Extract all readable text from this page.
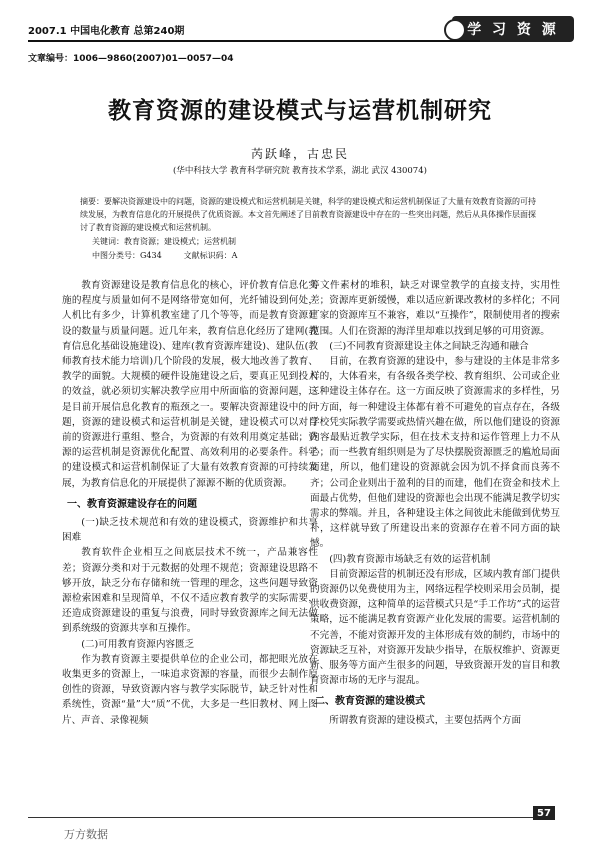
2007.1 中国电化教育 总第240期	学 习 资 源
文章编号：1006—9860(2007)01—0057—04
教育资源的建设模式与运营机制研究
芮跃峰，古忠民
(华中科技大学 教育科学研究院 教育技术学系，湖北 武汉 430074)
摘要：要解决资源建设中的问题，资源的建设模式和运营机制是关键，科学的建设模式和运营机制保证了大量有效教育资源的可持续发展，为教育信息化的开展提供了优质资源。本文首先阐述了目前教育资源建设中存在的一些突出问题，然后从具体操作层面探讨了教育资源的建设模式和运营机制。
关键词：教育资源；建设模式；运营机制
中图分类号：G434	文献标识码：A

教育资源建设是教育信息化的核心，评价教育信息化实施的程度与质量如何不是网络带宽如何，光纤铺设到何处，人机比有多少，计算机教室建了几个等等，而是教育资源建设的数量与质量问题。近几年来，教育信息化经历了建网(教育信息化基础设施建设)、建库(教育资源库建设)、建队伍(教师教育技术能力培训)几个阶段的发展，极大地改善了教育、教学的面貌。大规模的硬件设施建设之后，要真正见到投入的效益，就必须切实解决教学应用中所面临的资源问题，这是目前开展信息化教育的瓶颈之一。要解决资源建设中的问题，资源的建设模式和运营机制是关键，建设模式可以对目前的资源进行重组、整合，为资源的有效利用奠定基础；资源的运营机制是资源优化配置、高效利用的必要条件。科学的建设模式和运营机制保证了大量有效教育资源的可持续发展，为教育信息化的开展提供了源源不断的优质资源。

一、教育资源建设存在的问题

(一)缺乏技术规范和有效的建设模式，资源维护和共享困难

教育软件企业相互之间底层技术不统一，产品兼容性差；资源分类和对于元数据的处理不规范；资源建设思路不够开放，缺乏分布存储和统一管理的理念，这些问题导致资源检索困难和呈现简单，不仅不适应教育教学的实际需要，还造成资源建设的重复与浪费，同时导致资源库之间无法做到系统级的资源共享和互操作。

(二)可用教育资源内容匮乏

作为教育资源主要提供单位的企业公司，都把眼光放在收集更多的资源上，一味追求资源的容量，而很少去制作原创性的资源，导致资源内容与教学实际脱节，缺乏针对性和系统性，资源“量”大“质”不优，大多是一些旧教材、网上图片、声音、录像视频

等文件素材的堆积，缺乏对课堂教学的直接支持，实用性差；资源库更新缓慢，难以适应新课改教材的多样化；不同厂家的资源库互不兼容，难以“互操作”，限制使用者的搜索范围。人们在资源的海洋里却难以找到足够的可用资源。

(三)不同教育资源建设主体之间缺乏沟通和融合

目前，在教育资源的建设中，参与建设的主体是非常多样的，大体看来，有各级各类学校、教育组织、公司或企业三种建设主体存在。这一方面反映了资源需求的多样性，另一方面，每一种建设主体都有着不可避免的盲点存在，各级学校凭实际教学需要或热情兴趣在做，所以他们建设的资源内容最贴近教学实际，但在技术支持和运作管理上力不从心；而一些教育组织则是为了尽快摆脱资源匮乏的尴尬局面而建，所以，他们建设的资源就会因为饥不择食而良莠不齐；公司企业则出于盈利的目的而建，他们在资金和技术上面最占优势，但他们建设的资源也会出现不能满足教学切实需求的弊端。并且，各种建设主体之间彼此未能做到优势互补，这样就导致了所建设出来的资源存在着不同方面的缺憾。

(四)教育资源市场缺乏有效的运营机制

目前资源运营的机制还没有形成，区域内教育部门提供的资源仍以免费使用为主，网络远程学校则采用会员制，提供收费资源，这种简单的运营模式只是“手工作坊”式的运营策略，远不能满足教育资源产业化发展的需要。运营机制的不完善，不能对资源开发的主体形成有效的制约，市场中的资源缺乏互补，对资源开发缺少指导，在版权维护、资源更新、服务等方面产生很多的问题，导致资源开发的盲目和教育资源市场的无序与混乱。

二、教育资源的建设模式

所谓教育资源的建设模式，主要包括两个方面

57
万方数据
